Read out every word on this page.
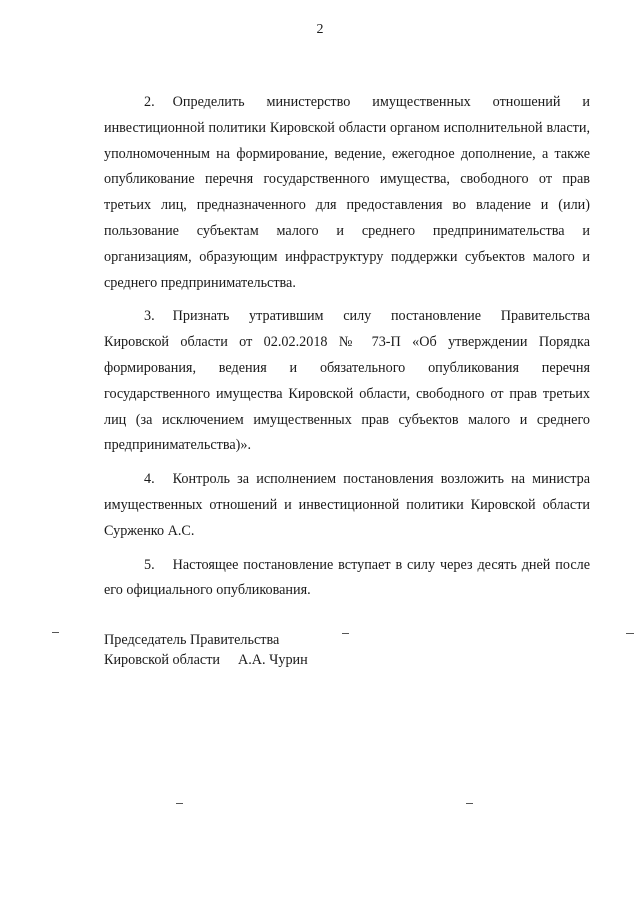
2

2. Определить министерство имущественных отношений и инвестиционной политики Кировской области органом исполнительной власти, уполномоченным на формирование, ведение, ежегодное дополнение, а также опубликование перечня государственного имущества, свободного от прав третьих лиц, предназначенного для предоставления во владение и (или) пользование субъектам малого и среднего предпринимательства и организациям, образующим инфраструктуру поддержки субъектов малого и среднего предпринимательства.

3. Признать утратившим силу постановление Правительства Кировской области от 02.02.2018 № 73-П «Об утверждении Порядка формирования, ведения и обязательного опубликования перечня государственного имущества Кировской области, свободного от прав третьих лиц (за исключением имущественных прав субъектов малого и среднего предпринимательства)».

4. Контроль за исполнением постановления возложить на министра имущественных отношений и инвестиционной политики Кировской области Сурженко А.С.

5. Настоящее постановление вступает в силу через десять дней после его официального опубликования.

Председатель Правительства
Кировской области А.А. Чурин
